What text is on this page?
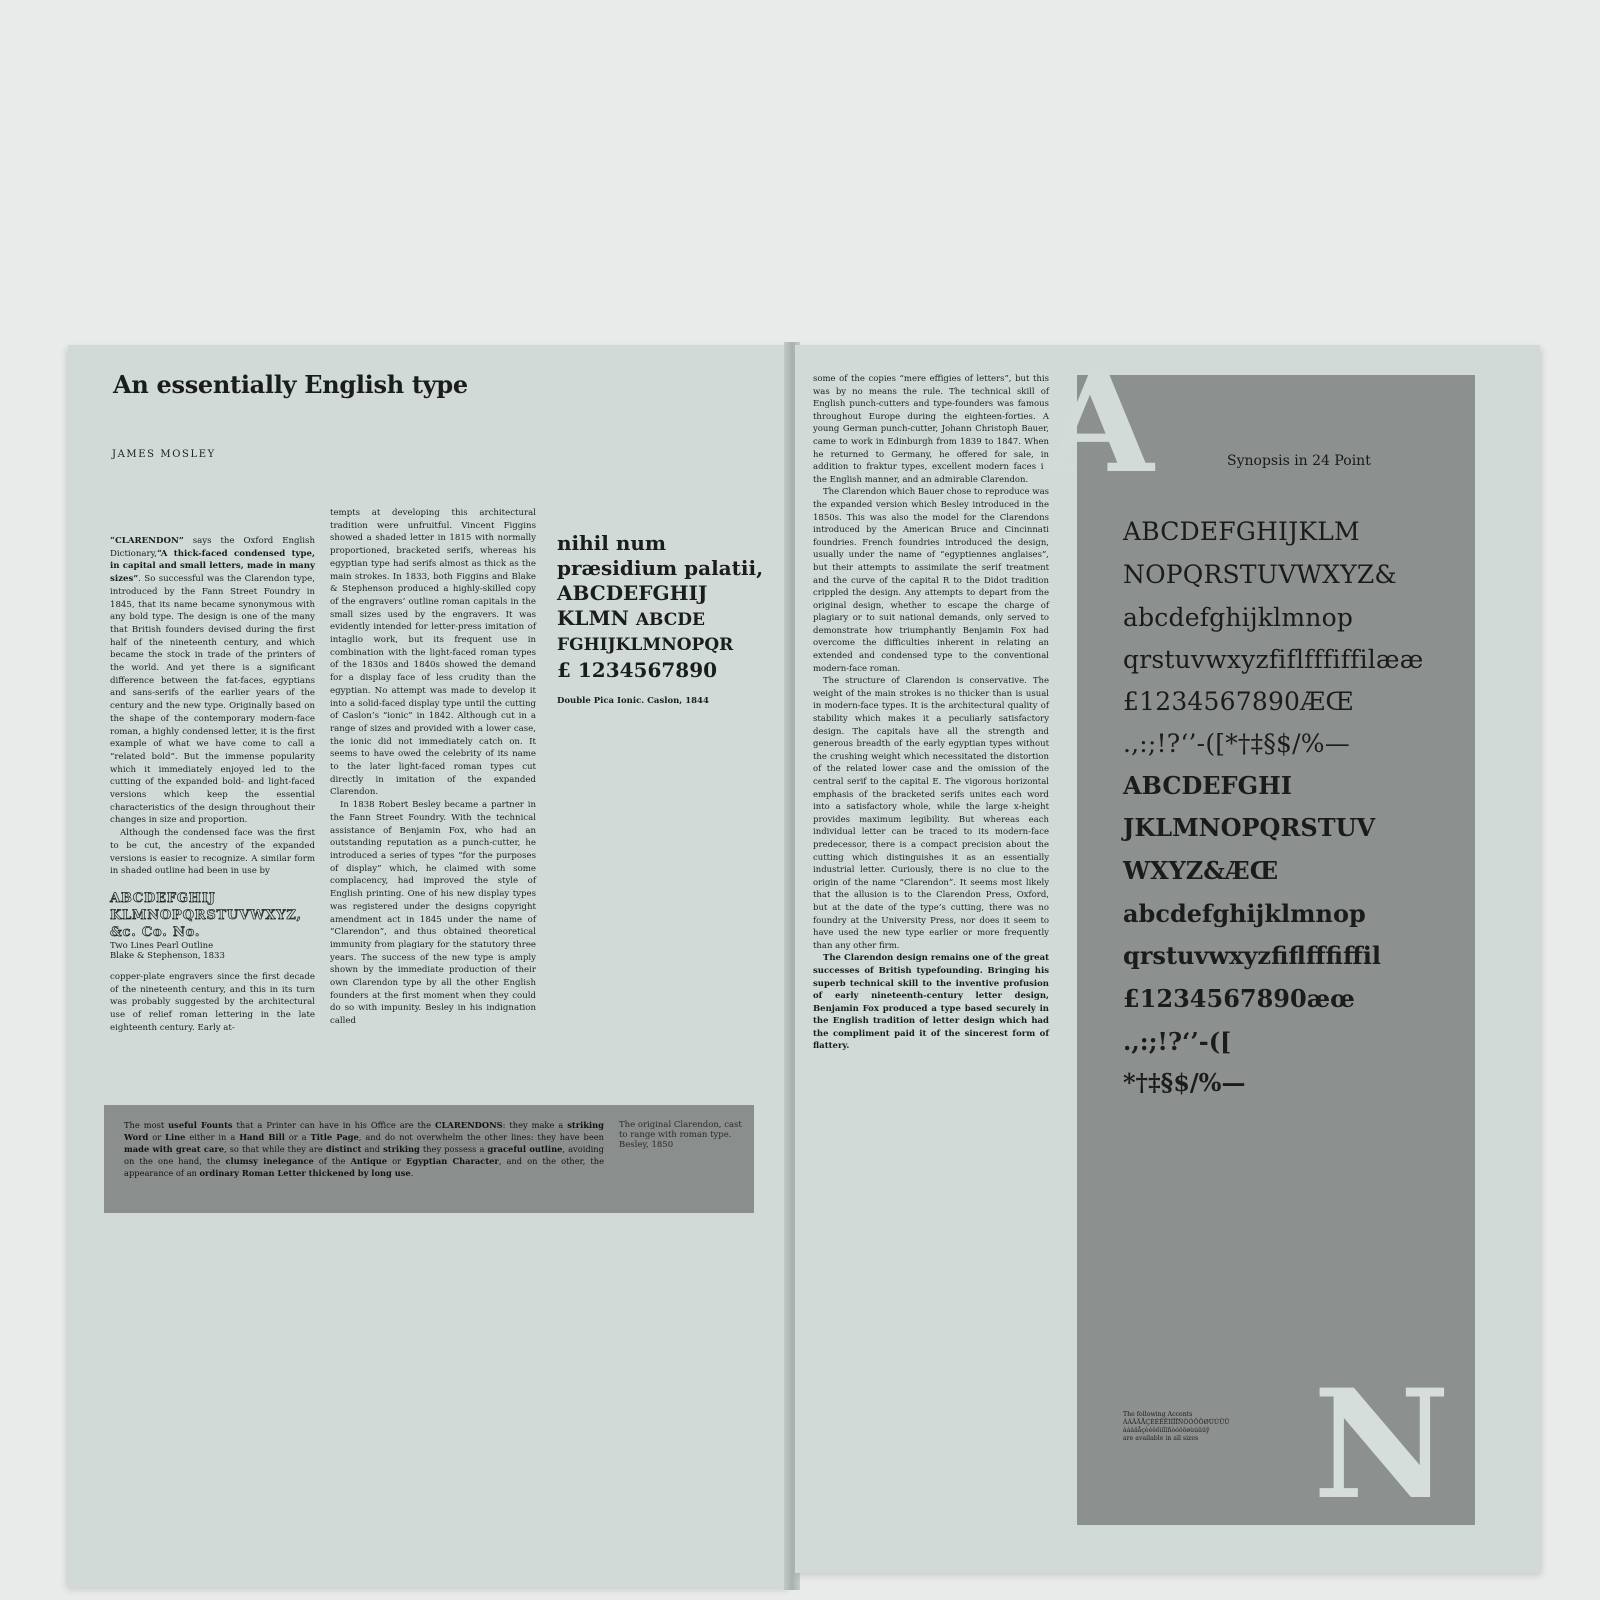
An essentially English type
JAMES MOSLEY

“CLARENDON” says the Oxford English Dictionary,“A thick-faced condensed type, in capital and small letters, made in many sizes”. So successful was the Clarendon type, introduced by the Fann Street Foundry in 1845, that its name became synonymous with any bold type. The design is one of the many that British founders devised during the first half of the nineteenth century, and which became the stock in trade of the printers of the world. And yet there is a significant difference between the fat-faces, egyptians and sans-serifs of the earlier years of the century and the new type. Originally based on the shape of the contemporary modern-face roman, a highly condensed letter, it is the first example of what we have come to call a “related bold”. But the immense popularity which it immediately enjoyed led to the cutting of the expanded bold- and light-faced versions which keep the essential characteristics of the design throughout their changes in size and proportion.

Although the condensed face was the first to be cut, the ancestry of the expanded versions is easier to recognize. A similar form in shaded outline had been in use by

ABCDEFGHIJ
KLMNOPQRSTUVWXYZ,
&c. Co. No.
Two Lines Pearl Outline
Blake & Stephenson, 1833

copper-plate engravers since the first decade of the nineteenth century, and this in its turn was probably suggested by the architectural use of relief roman lettering in the late eighteenth century. Early at-

tempts at developing this architectural tradition were unfruitful. Vincent Figgins showed a shaded letter in 1815 with normally proportioned, bracketed serifs, whereas his egyptian type had serifs almost as thick as the main strokes. In 1833, both Figgins and Blake & Stephenson produced a highly-skilled copy of the engravers’ outline roman capitals in the small sizes used by the engravers. It was evidently intended for letter-press imitation of intaglio work, but its frequent use in combination with the light-faced roman types of the 1830s and 1840s showed the demand for a display face of less crudity than the egyptian. No attempt was made to develop it into a solid-faced display type until the cutting of Caslon’s “ionic” in 1842. Although cut in a range of sizes and provided with a lower case, the ionic did not immediately catch on. It seems to have owed the celebrity of its name to the later light-faced roman types cut directly in imitation of the expanded Clarendon.

In 1838 Robert Besley became a partner in the Fann Street Foundry. With the technical assistance of Benjamin Fox, who had an outstanding reputation as a punch-cutter, he introduced a series of types “for the purposes of display” which, he claimed with some complacency, had improved the style of English printing. One of his new display types was registered under the designs copyright amendment act in 1845 under the name of “Clarendon”, and thus obtained theoretical immunity from plagiary for the statutory three years. The success of the new type is amply shown by the immediate production of their own Clarendon type by all the other English founders at the first moment when they could do so with impunity. Besley in his indignation called

nihil num
præsidium palatii,
ABCDEFGHIJ
KLMN ABCDE
FGHIJKLMNOPQR
£ 1234567890
Double Pica Ionic. Caslon, 1844
The most useful Founts that a Printer can have in his Office are the CLARENDONS: they make a striking Word or Line either in a Hand Bill or a Title Page, and do not overwhelm the other lines: they have been made with great care, so that while they are distinct and striking they possess a graceful outline, avoiding on the one hand, the clumsy inelegance of the Antique or Egyptian Character, and on the other, the appearance of an ordinary Roman Letter thickened by long use.
The original Clarendon, cast to range with roman type. Besley, 1850

some of the copies “mere effigies of letters”, but this was by no means the rule. The technical skill of English punch-cutters and type-founders was famous throughout Europe during the eighteen-forties. A young German punch-cutter, Johann Christoph Bauer, came to work in Edinburgh from 1839 to 1847. When he returned to Germany, he offered for sale, in addition to fraktur types, excellent modern faces in the English manner, and an admirable Clarendon.

The Clarendon which Bauer chose to reproduce was the expanded version which Besley introduced in the 1850s. This was also the model for the Clarendons introduced by the American Bruce and Cincinnati foundries. French foundries introduced the design, usually under the name of “egyptiennes anglaises”, but their attempts to assimilate the serif treatment and the curve of the capital R to the Didot tradition crippled the design. Any attempts to depart from the original design, whether to escape the charge of plagiary or to suit national demands, only served to demonstrate how triumphantly Benjamin Fox had overcome the difficulties inherent in relating an extended and condensed type to the conventional modern-face roman.

The structure of Clarendon is conservative. The weight of the main strokes is no thicker than is usual in modern-face types. It is the architectural quality of stability which makes it a peculiarly satisfactory design. The capitals have all the strength and generous breadth of the early egyptian types without the crushing weight which necessitated the distortion of the related lower case and the omission of the central serif to the capital E. The vigorous horizontal emphasis of the bracketed serifs unites each word into a satisfactory whole, while the large x-height provides maximum legibility. But whereas each individual letter can be traced to its modern-face predecessor, there is a compact precision about the cutting which distinguishes it as an essentially industrial letter. Curiously, there is no clue to the origin of the name “Clarendon”. It seems most likely that the allusion is to the Clarendon Press, Oxford, but at the date of the type’s cutting, there was no foundry at the University Press, nor does it seem to have used the new type earlier or more frequently than any other firm.

The Clarendon design remains one of the great successes of British typefounding. Bringing his superb technical skill to the inventive profusion of early nineteenth-century letter design, Benjamin Fox produced a type based securely in the English tradition of letter design which had the compliment paid it of the sincerest form of flattery.

A	Synopsis in 24 Point
ABCDEFGHIJKLM
NOPQRSTUVWXYZ&
abcdefghijklmnop
qrstuvwxyzfiflfffiffilææ
£1234567890ÆŒ
.,:;!?‘’-([*†‡§$/%—
ABCDEFGHI
JKLMNOPQRSTUV
WXYZ&ÆŒ
abcdefghijklmnop
qrstuvwxyzfiflfffiffil
£1234567890æœ
.,:;!?‘’-([
*†‡§$/%—
The following Accents
ÀÁÂÄÅÇÈÉÊËÌÍÎÏÑÒÓÔÖØÙÚÛÜ
àáâäåçèéêëìíîïñòóôöøùúûüŷ
are available in all sizes N
